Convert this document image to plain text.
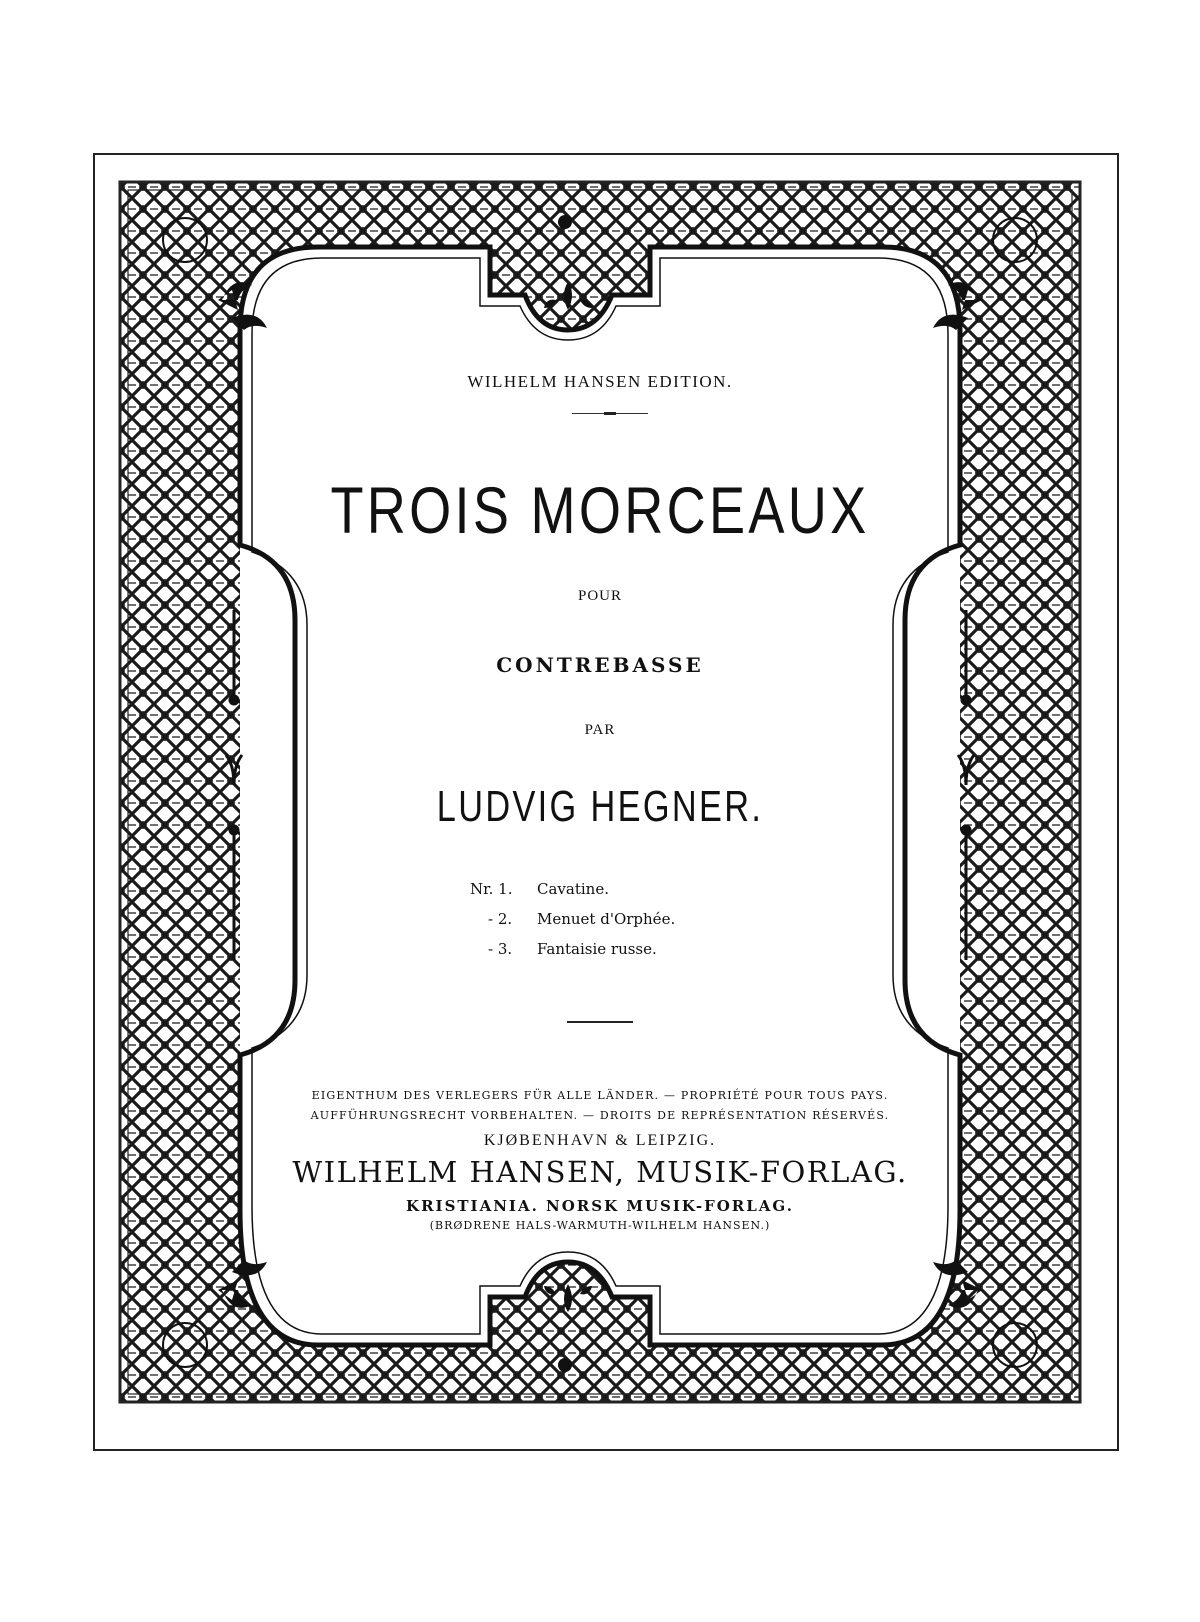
WILHELM HANSEN EDITION.

TROIS MORCEAUX

POUR

CONTREBASSE

PAR

LUDVIG HEGNER.

Nr. 1. Cavatine.
- 2. Menuet d'Orphée.
- 3. Fantaisie russe.

EIGENTHUM DES VERLEGERS FÜR ALLE LÄNDER. — PROPRIÉTÉ POUR TOUS PAYS.

AUFFÜHRUNGSRECHT VORBEHALTEN. — DROITS DE REPRÉSENTATION RÉSERVÉS.

KJØBENHAVN & LEIPZIG.

WILHELM HANSEN, MUSIK-FORLAG.

KRISTIANIA. NORSK MUSIK-FORLAG.

(BRØDRENE HALS-WARMUTH-WILHELM HANSEN.)
